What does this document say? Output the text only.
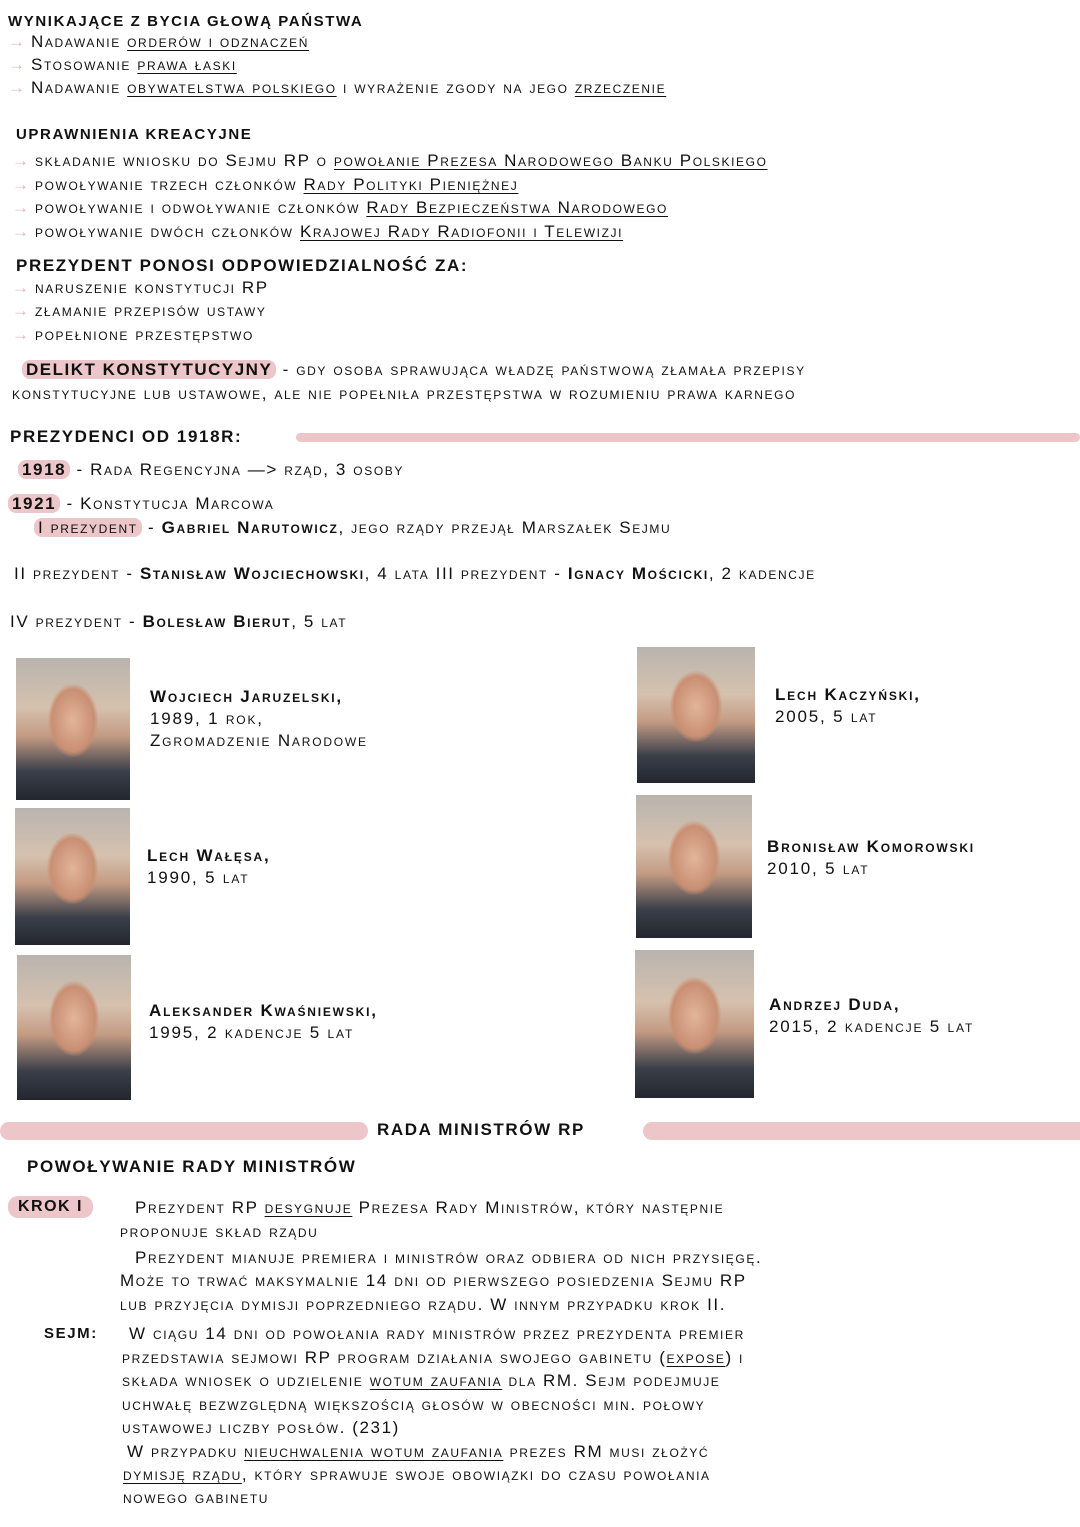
WYNIKAJĄCE Z BYCIA GŁOWĄ PAŃSTWA
UPRAWNIENIA KREACYJNE
PREZYDENT PONOSI ODPOWIEDZIALNOŚĆ ZA:
DELIKT KONSTYTUCYJNY - gdy osoba sprawująca władzę państwową złamała przepisy
konstytucyjne lub ustawowe, ale nie popełniła przestępstwa w rozumieniu prawa karnego
PREZYDENCI OD 1918R:
Wojciech Jaruzelski,
1989, 1 rok,
Zgromadzenie Narodowe
Lech Wałęsa,
1990, 5 lat
Aleksander Kwaśniewski,
1995, 2 kadencje 5 lat
Lech Kaczyński,
2005, 5 lat
Bronisław Komorowski
2010, 5 lat
Andrzej Duda,
2015, 2 kadencje 5 lat
RADA MINISTRÓW RP
POWOŁYWANIE RADY MINISTRÓW
KROK I
SEJM:
→ Nadawanie orderów i odznaczeń
→ Stosowanie prawa łaski
→ Nadawanie obywatelstwa polskiego i wyrażenie zgody na jego zrzeczenie
→ składanie wniosku do Sejmu RP o powołanie Prezesa Narodowego Banku Polskiego
→ powoływanie trzech członków Rady Polityki Pieniężnej
→ powoływanie i odwoływanie członków Rady Bezpieczeństwa Narodowego
→ powoływanie dwóch członków Krajowej Rady Radiofonii i Telewizji
→ naruszenie konstytucji RP
→ złamanie przepisów ustawy
→ popełnione przestępstwo
1918 - Rada Regencyjna —> rząd, 3 osoby
1921 - Konstytucja Marcowa
I prezydent - Gabriel Narutowicz, jego rządy przejął Marszałek Sejmu
II prezydent - Stanisław Wojciechowski, 4 lata III prezydent - Ignacy Mościcki, 2 kadencje
IV prezydent - Bolesław Bierut, 5 lat
Prezydent RP desygnuje Prezesa Rady Ministrów, który następnie
proponuje skład rządu
Prezydent mianuje premiera i ministrów oraz odbiera od nich przysięgę.
Może to trwać maksymalnie 14 dni od pierwszego posiedzenia Sejmu RP
lub przyjęcia dymisji poprzedniego rządu. W innym przypadku krok II.
W ciągu 14 dni od powołania rady ministrów przez prezydenta premier
przedstawia sejmowi RP program działania swojego gabinetu (expose) i
składa wniosek o udzielenie wotum zaufania dla RM. Sejm podejmuje
uchwałę bezwzględną większością głosów w obecności min. połowy
ustawowej liczby posłów. (231)
W przypadku nieuchwalenia wotum zaufania prezes RM musi złożyć
dymisję rządu, który sprawuje swoje obowiązki do czasu powołania
nowego gabinetu
